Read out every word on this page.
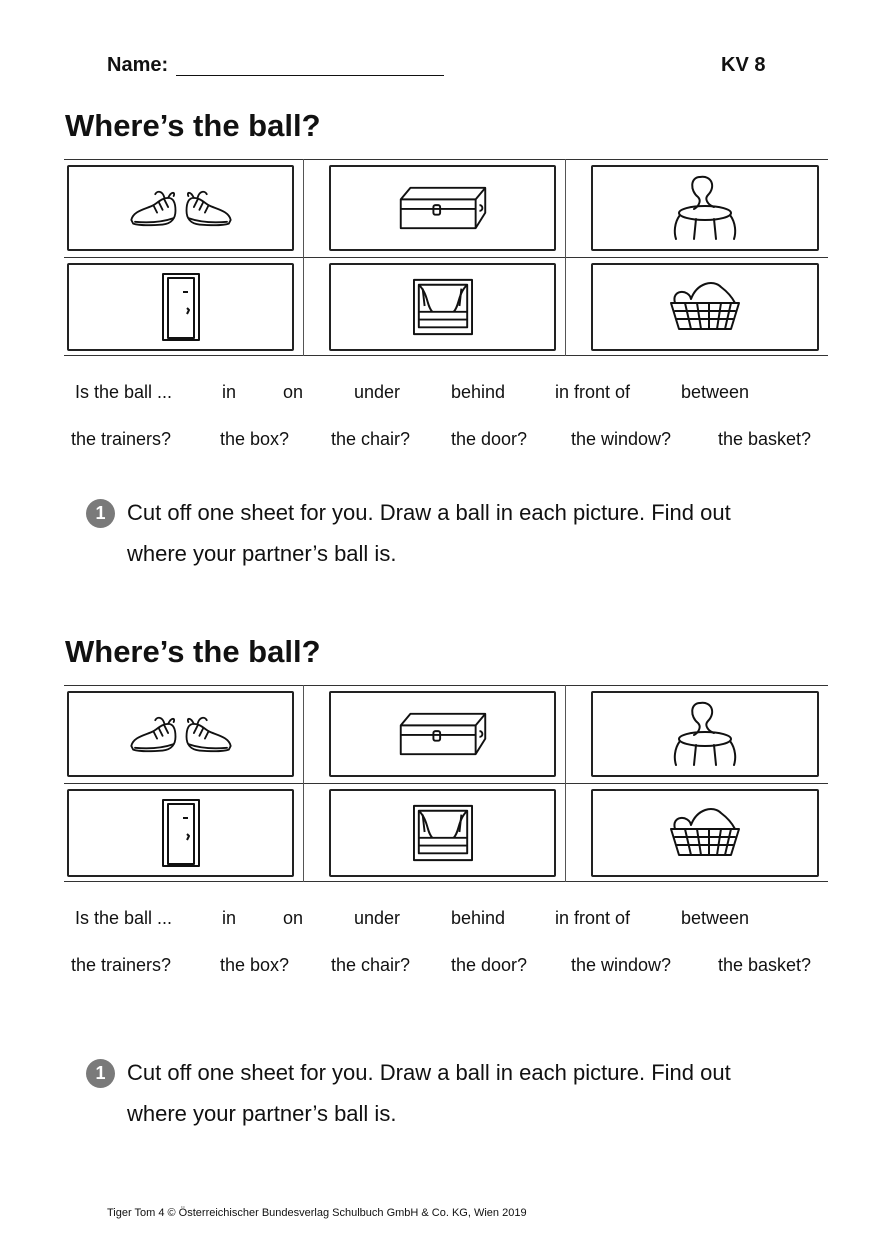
Name:	KV 8
Where’s the ball?
Is the ball ...	in	on	under	behind	in front of	between
the trainers?	the box? the chair? the door? the window?	the basket?
1 Cut off one sheet for you. Draw a ball in each picture. Find out
where your partner’s ball is.
Where’s the ball?
Is the ball ...	in	on	under	behind	in front of	between
the trainers?	the box? the chair? the door? the window?	the basket?
1 Cut off one sheet for you. Draw a ball in each picture. Find out
where your partner’s ball is.
Tiger Tom 4 © Österreichischer Bundesverlag Schulbuch GmbH & Co. KG, Wien 2019
